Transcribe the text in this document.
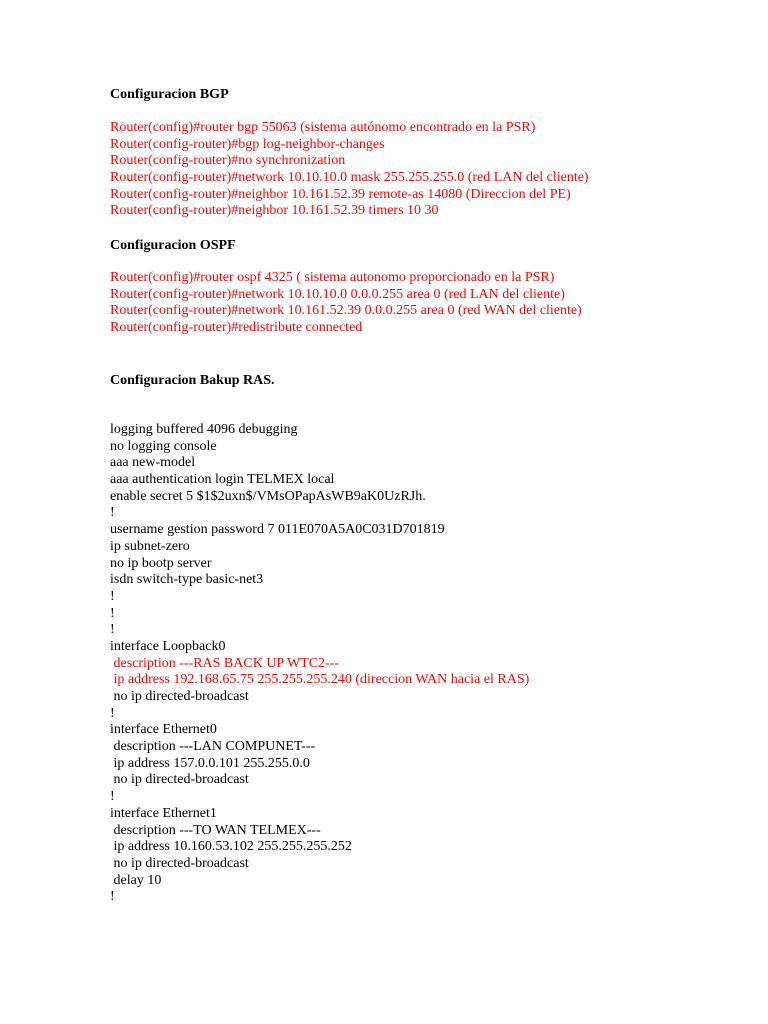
Configuracion BGP
Router(config)#router bgp 55063 (sistema autónomo encontrado en la PSR)
Router(config-router)#bgp log-neighbor-changes
Router(config-router)#no synchronization
Router(config-router)#network 10.10.10.0 mask 255.255.255.0 (red LAN del cliente)
Router(config-router)#neighbor 10.161.52.39 remote-as 14080 (Direccion del PE)
Router(config-router)#neighbor 10.161.52.39 timers 10 30
Configuracion OSPF
Router(config)#router ospf 4325 ( sistema autonomo proporcionado en la PSR)
Router(config-router)#network 10.10.10.0 0.0.0.255 area 0 (red LAN del cliente)
Router(config-router)#network 10.161.52.39 0.0.0.255 area 0 (red WAN del cliente)
Router(config-router)#redistribute connected
Configuracion Bakup RAS.
logging buffered 4096 debugging
no logging console
aaa new-model
aaa authentication login TELMEX local
enable secret 5 $1$2uxn$/VMsOPapAsWB9aK0UzRJh.
!
username gestion password 7 011E070A5A0C031D701819
ip subnet-zero
no ip bootp server
isdn switch-type basic-net3
!
!
!
interface Loopback0
description ---RAS BACK UP WTC2---
ip address 192.168.65.75 255.255.255.240 (direccion WAN hacia el RAS)
no ip directed-broadcast
!
interface Ethernet0
description ---LAN COMPUNET---
ip address 157.0.0.101 255.255.0.0
no ip directed-broadcast
!
interface Ethernet1
description ---TO WAN TELMEX---
ip address 10.160.53.102 255.255.255.252
no ip directed-broadcast
delay 10
!
